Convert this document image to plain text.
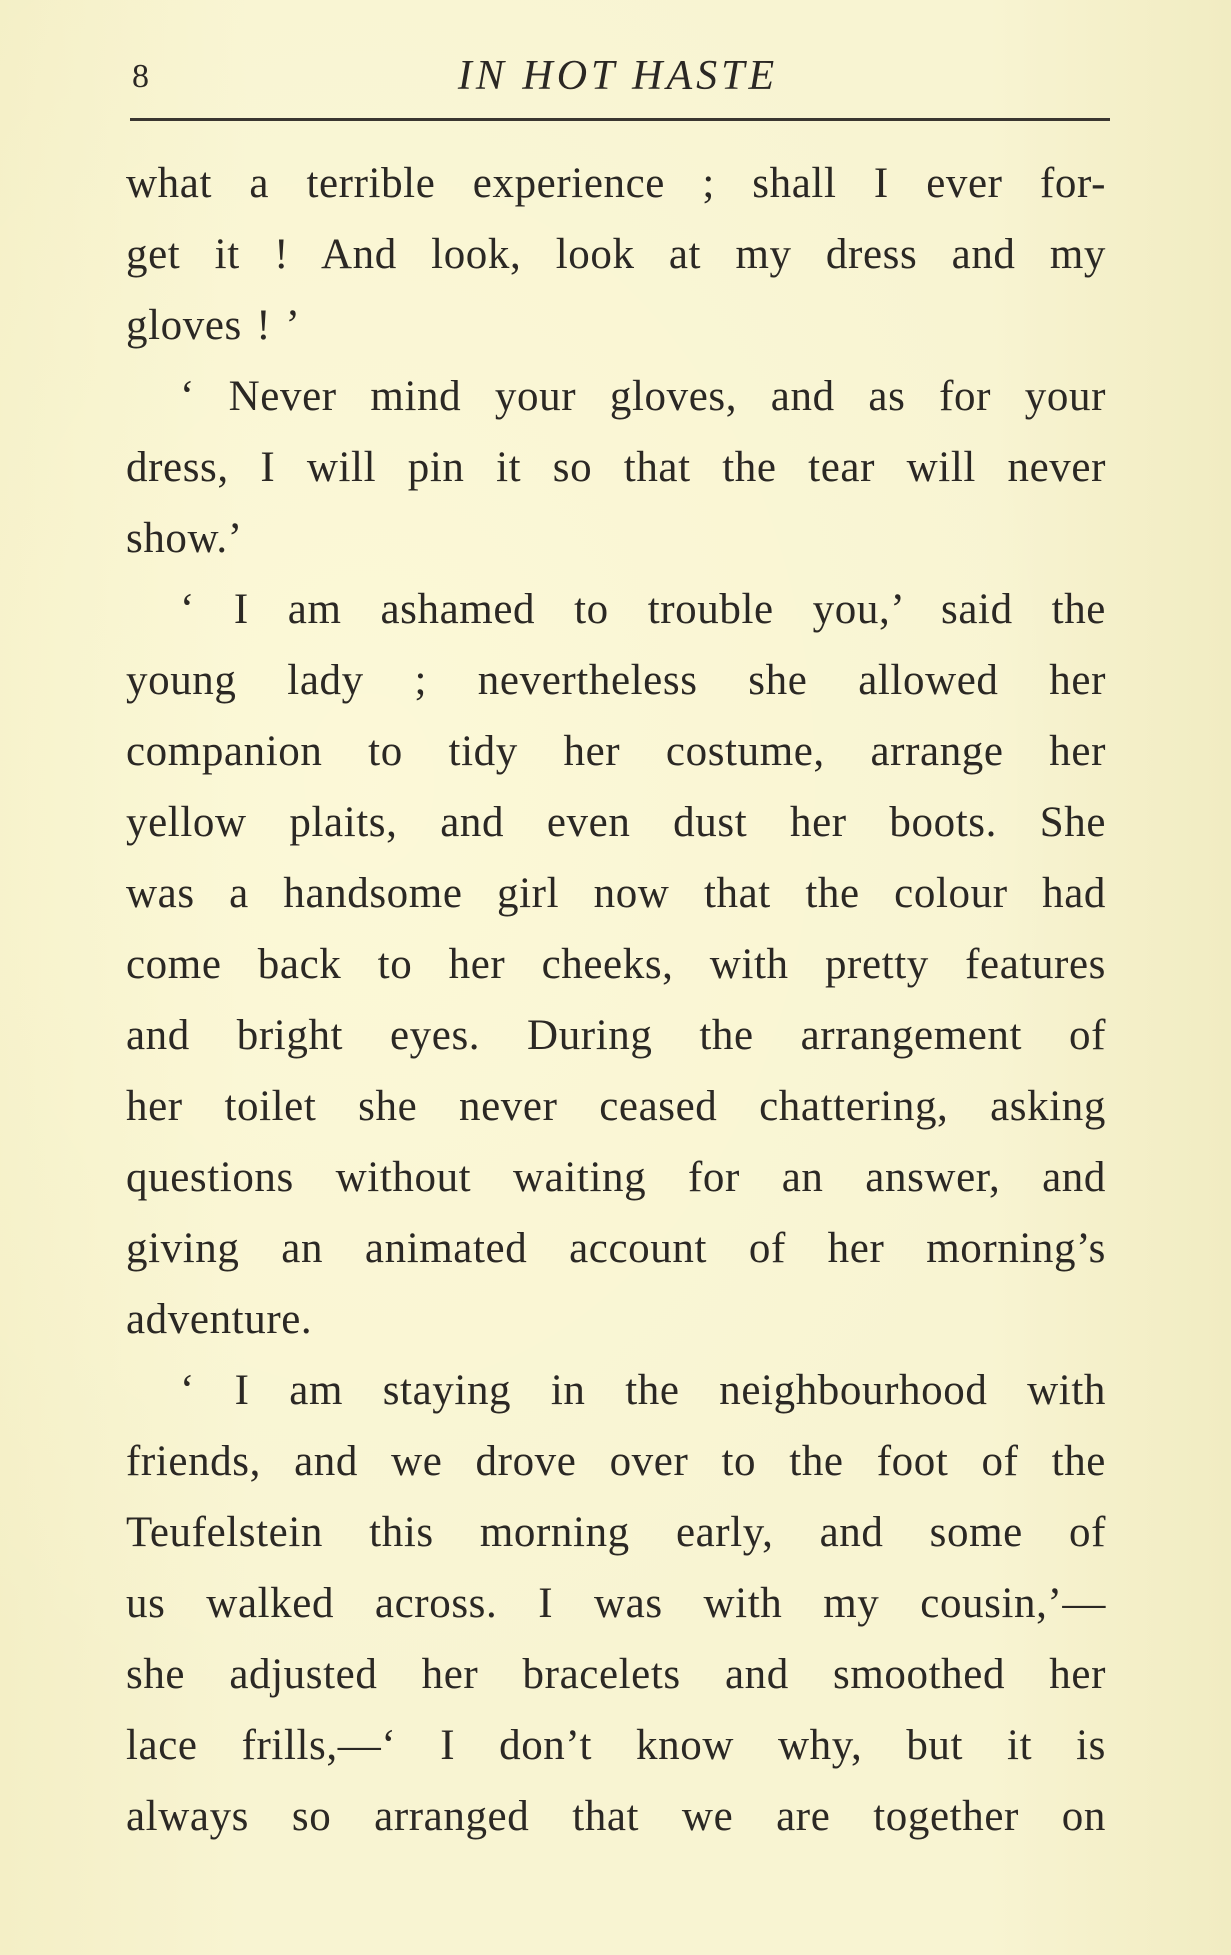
8	IN HOT HASTE
what a terrible experience ; shall I ever for-
get it ! And look, look at my dress and my
gloves ! ’
‘ Never mind your gloves, and as for your
dress, I will pin it so that the tear will never
show.’
‘ I am ashamed to trouble you,’ said the
young lady ; nevertheless she allowed her
companion to tidy her costume, arrange her
yellow plaits, and even dust her boots. She
was a handsome girl now that the colour had
come back to her cheeks, with pretty features
and bright eyes. During the arrangement of
her toilet she never ceased chattering, asking
questions without waiting for an answer, and
giving an animated account of her morning’s
adventure.
‘ I am staying in the neighbourhood with
friends, and we drove over to the foot of the
Teufelstein this morning early, and some of
us walked across. I was with my cousin,’—
she adjusted her bracelets and smoothed her
lace frills,—‘ I don’t know why, but it is
always so arranged that we are together on
